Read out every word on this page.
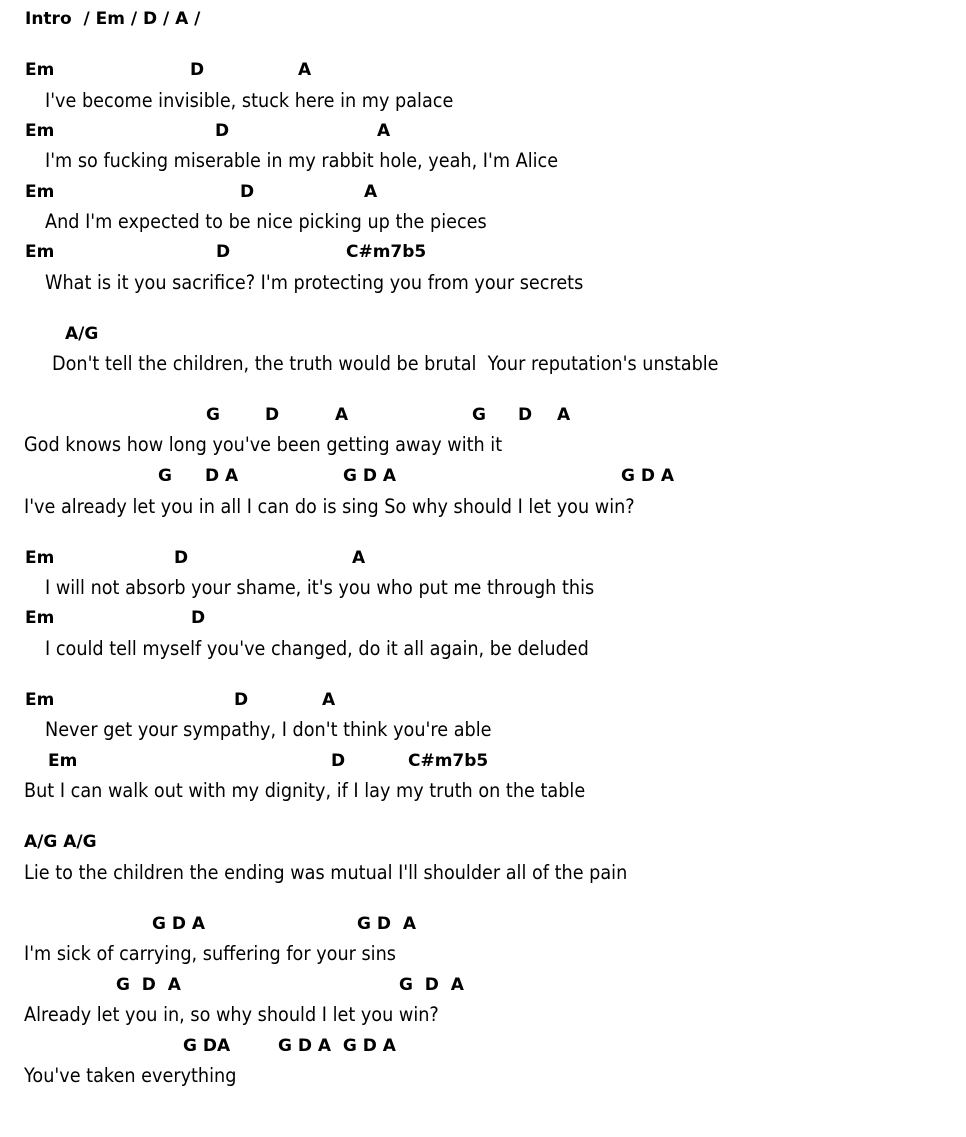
Intro  / Em / D / A /
Em	D	A
I've become invisible, stuck here in my palace
Em	D	A
I'm so fucking miserable in my rabbit hole, yeah, I'm Alice
Em	D	A
And I'm expected to be nice picking up the pieces
Em	D	C#m7b5
What is it you sacrifice? I'm protecting you from your secrets
A/G
Don't tell the children, the truth would be brutal  Your reputation's unstable
G	D	A	G D A
God knows how long you've been getting away with it
G D A	G D A	G D A
I've already let you in all I can do is sing So why should I let you win?
Em	D	A
I will not absorb your shame, it's you who put me through this
Em	D
I could tell myself you've changed, do it all again, be deluded
Em	D	A
Never get your sympathy, I don't think you're able
Em	D	C#m7b5
But I can walk out with my dignity, if I lay my truth on the table
A/G A/G
Lie to the children the ending was mutual I'll shoulder all of the pain
G D A	G D  A
I'm sick of carrying, suffering for your sins
G  D  A	G  D  A
Already let you in, so why should I let you win?
G DA	G D A  G D A
You've taken everything
